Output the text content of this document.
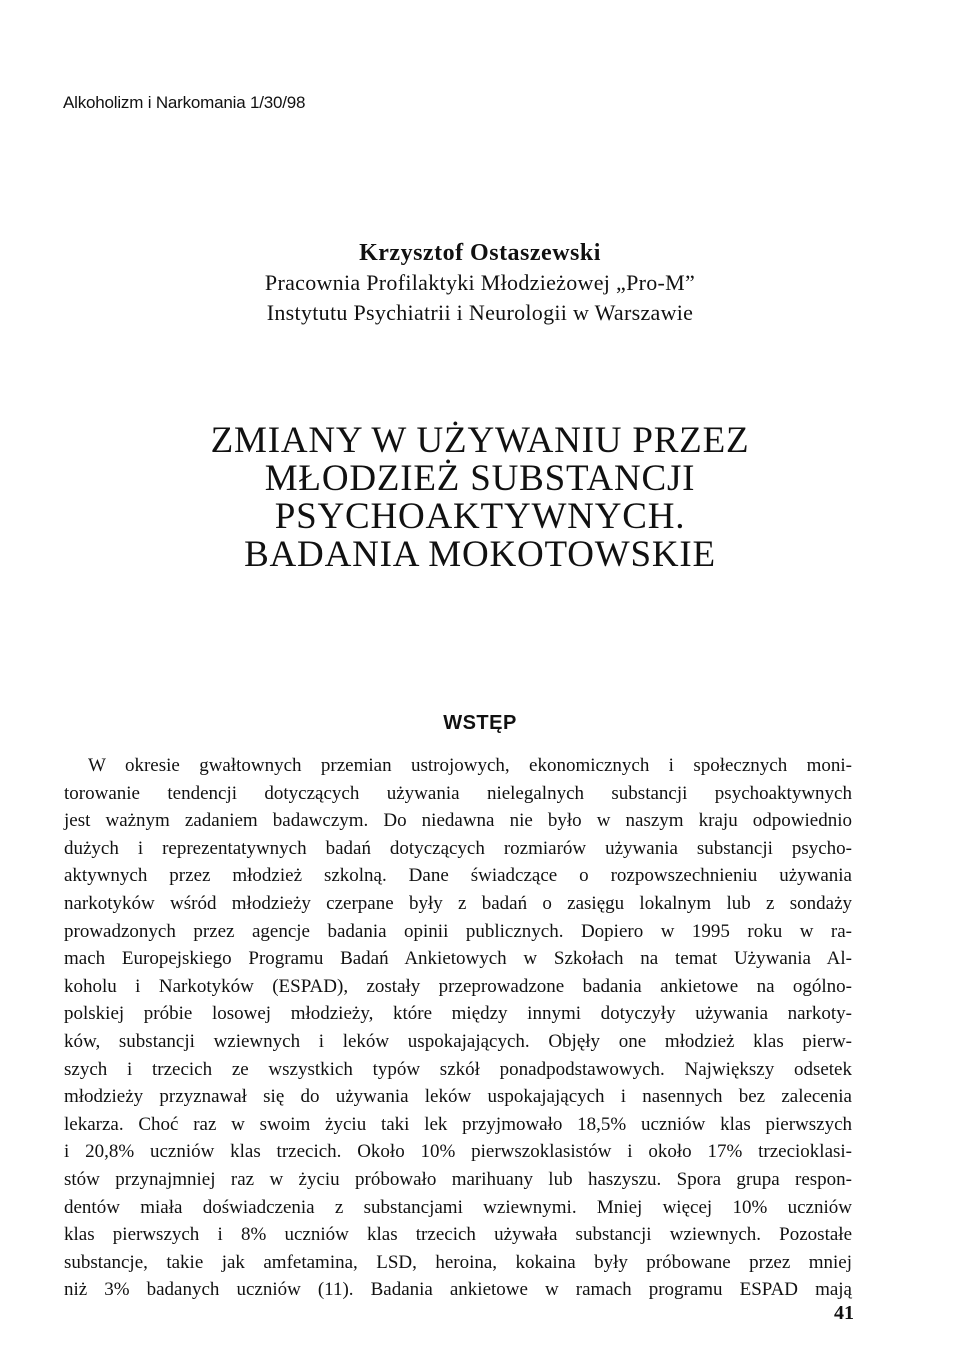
Alkoholizm i Narkomania 1/30/98
Krzysztof Ostaszewski
Pracownia Profilaktyki Młodzieżowej „Pro-M”
Instytutu Psychiatrii i Neurologii w Warszawie
ZMIANY W UŻYWANIU PRZEZ
MŁODZIEŻ SUBSTANCJI
PSYCHOAKTYWNYCH.
BADANIA MOKOTOWSKIE
WSTĘP
W okresie gwałtownych przemian ustrojowych, ekonomicznych i społecznych moni-
torowanie tendencji dotyczących używania nielegalnych substancji psychoaktywnych
jest ważnym zadaniem badawczym. Do niedawna nie było w naszym kraju odpowiednio
dużych i reprezentatywnych badań dotyczących rozmiarów używania substancji psycho-
aktywnych przez młodzież szkolną. Dane świadczące o rozpowszechnieniu używania
narkotyków wśród młodzieży czerpane były z badań o zasięgu lokalnym lub z sondaży
prowadzonych przez agencje badania opinii publicznych. Dopiero w 1995 roku w ra-
mach Europejskiego Programu Badań Ankietowych w Szkołach na temat Używania Al-
koholu i Narkotyków (ESPAD), zostały przeprowadzone badania ankietowe na ogólno-
polskiej próbie losowej młodzieży, które między innymi dotyczyły używania narkoty-
ków, substancji wziewnych i leków uspokajających. Objęły one młodzież klas pierw-
szych i trzecich ze wszystkich typów szkół ponadpodstawowych. Największy odsetek
młodzieży przyznawał się do używania leków uspokajających i nasennych bez zalecenia
lekarza. Choć raz w swoim życiu taki lek przyjmowało 18,5% uczniów klas pierwszych
i 20,8% uczniów klas trzecich. Około 10% pierwszoklasistów i około 17% trzecioklasi-
stów przynajmniej raz w życiu próbowało marihuany lub haszyszu. Spora grupa respon-
dentów miała doświadczenia z substancjami wziewnymi. Mniej więcej 10% uczniów
klas pierwszych i 8% uczniów klas trzecich używała substancji wziewnych. Pozostałe
substancje, takie jak amfetamina, LSD, heroina, kokaina były próbowane przez mniej
niż 3% badanych uczniów (11). Badania ankietowe w ramach programu ESPAD mają
41
